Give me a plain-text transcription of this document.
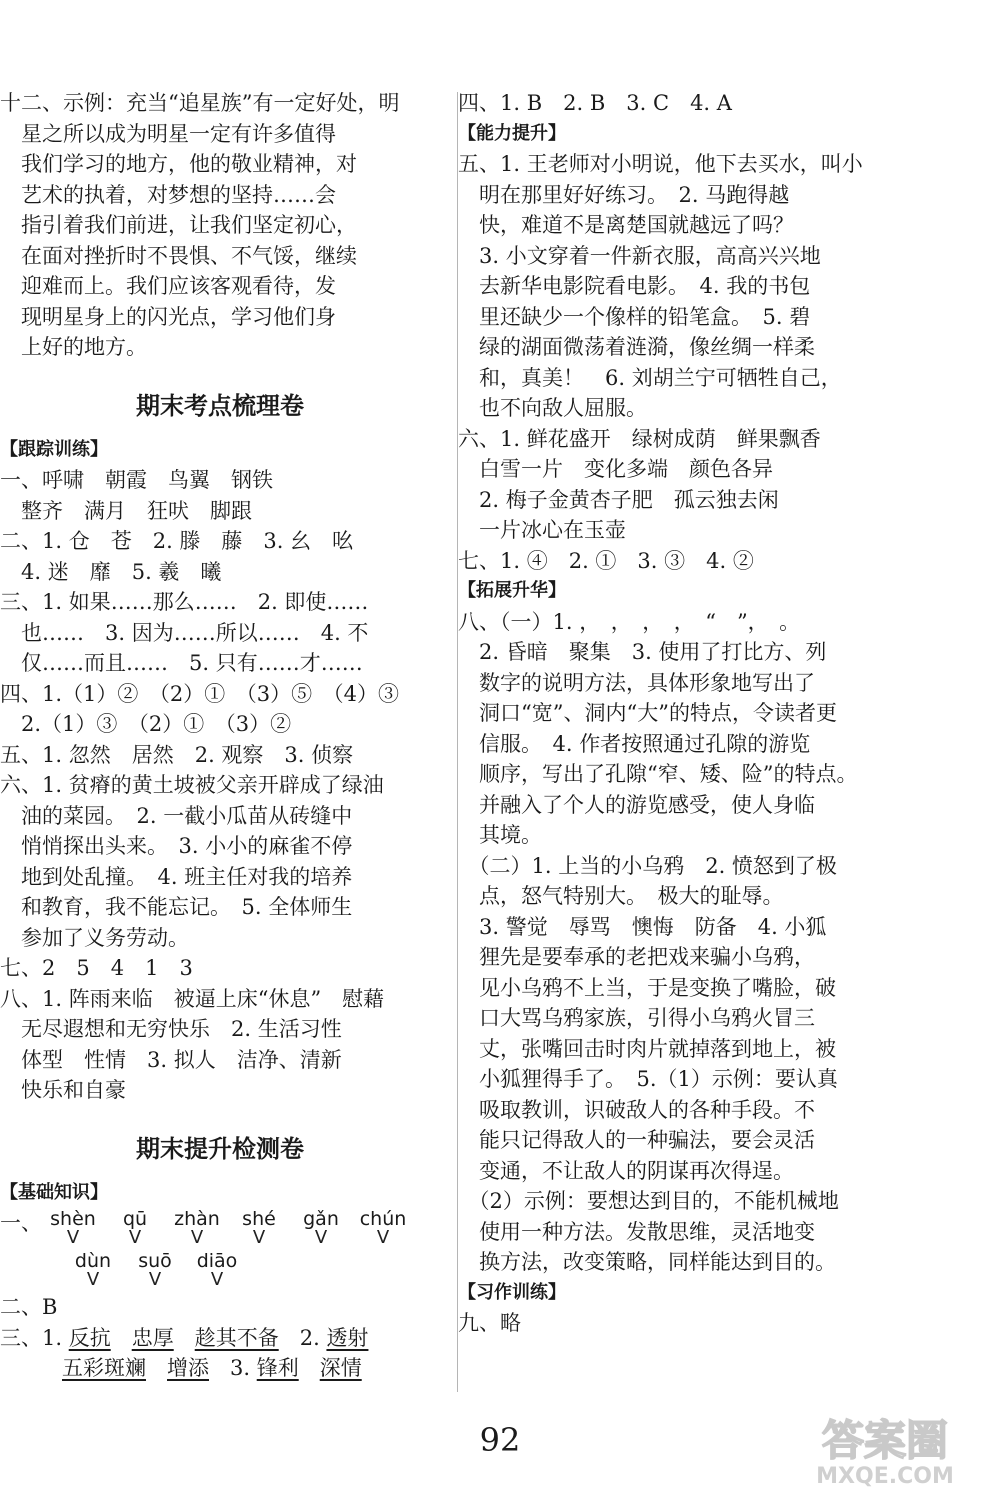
十二、示例：充当“追星族”有一定好处，明
　星之所以成为明星一定有许多值得
　我们学习的地方，他的敬业精神，对
　艺术的执着，对梦想的坚持……会
　指引着我们前进，让我们坚定初心，
　在面对挫折时不畏惧、不气馁，继续
　迎难而上。我们应该客观看待，发
　现明星身上的闪光点，学习他们身
　上好的地方。
期末考点梳理卷
【跟踪训练】
一、呼啸　朝霞　鸟翼　钢铁
　整齐　满月　狂吠　脚跟
二、1. 仓　苍　2. 滕　藤　3. 幺　吆
　4. 迷　靡　5. 羲　曦
三、1. 如果……那么……　2. 即使……
　也……　3. 因为……所以……　4. 不
　仅……而且……　5. 只有……才……
四、1.（1）②　（2）①　（3）⑤　（4）③
　2.（1）③　（2）①　（3）②
五、1. 忽然　居然　2. 观察　3. 侦察
六、1. 贫瘠的黄土坡被父亲开辟成了绿油
　油的菜园。　2. 一截小瓜苗从砖缝中
　悄悄探出头来。　3. 小小的麻雀不停
　地到处乱撞。　4. 班主任对我的培养
　和教育，我不能忘记。　5. 全体师生
　参加了义务劳动。
七、2　5　4　1　3
八、1. 阵雨来临　被逼上床“休息”　慰藉
　无尽遐想和无穷快乐　2. 生活习性
　体型　性情　3. 拟人　洁净、清新
　快乐和自豪
期末提升检测卷
【基础知识】
一、 shèn
V
qū
V
zhàn
V
shé
V
gǎn
V
chún
V
dùn
V
suō
V
diāo
V
二、B
三、1. 反抗　 忠厚　 趁其不备　2. 透射
五彩斑斓　 增添　3. 锋利　 深情
四、1. B　2. B　3. C　4. A
【能力提升】
五、1. 王老师对小明说，他下去买水，叫小
　明在那里好好练习。　2. 马跑得越
　快，难道不是离楚国就越远了吗？
　3. 小文穿着一件新衣服，高高兴兴地
　去新华电影院看电影。　4. 我的书包
　里还缺少一个像样的铅笔盒。　5. 碧
　绿的湖面微荡着涟漪，像丝绸一样柔
　和，真美！　6. 刘胡兰宁可牺牲自己，
　也不向敌人屈服。
六、1. 鲜花盛开　绿树成荫　鲜果飘香
　白雪一片　变化多端　颜色各异
　2. 梅子金黄杏子肥　孤云独去闲
　一片冰心在玉壶
七、1. ④　2. ①　3. ③　4. ②
【拓展升华】
八、（一）1. ，　，　，　，　“　”，　。
　2. 昏暗　聚集　3. 使用了打比方、列
　数字的说明方法，具体形象地写出了
　洞口“宽”、洞内“大”的特点，令读者更
　信服。　4. 作者按照通过孔隙的游览
　顺序，写出了孔隙“窄、矮、险”的特点。
　并融入了个人的游览感受，使人身临
　其境。
　（二）1. 上当的小乌鸦　2. 愤怒到了极
　点，怒气特别大。　极大的耻辱。
　3. 警觉　辱骂　懊悔　防备　4. 小狐
　狸先是要奉承的老把戏来骗小乌鸦，
　见小乌鸦不上当，于是变换了嘴脸，破
　口大骂乌鸦家族，引得小乌鸦火冒三
　丈，张嘴回击时肉片就掉落到地上，被
　小狐狸得手了。　5.（1）示例：要认真
　吸取教训，识破敌人的各种手段。不
　能只记得敌人的一种骗法，要会灵活
　变通，不让敌人的阴谋再次得逞。
　（2）示例：要想达到目的，不能机械地
　使用一种方法。发散思维，灵活地变
　换方法，改变策略，同样能达到目的。
【习作训练】
九、略
92	答案圈
MXQE.COM
